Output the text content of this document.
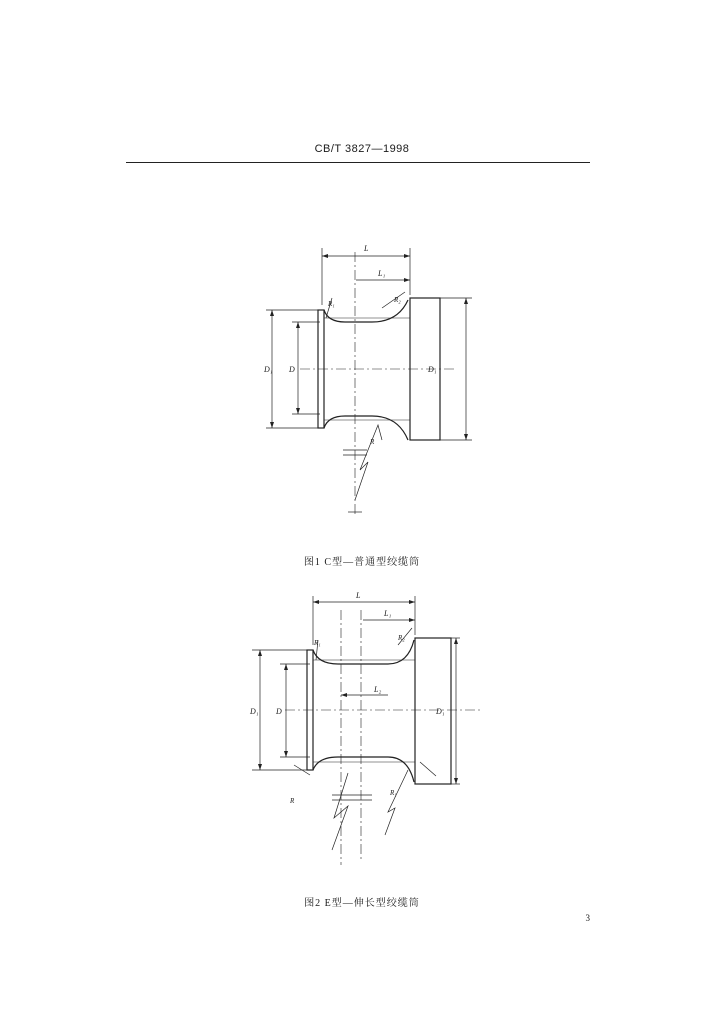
CB/T 3827—1998
L
L₁
R₁	R₂
R
D₁ D	D₁
图1 C型—普通型绞缆筒
L
L₁
L₂
R₁
R₂
R
R₁
D₁ D	D₁
图2 E型—伸长型绞缆筒
3
